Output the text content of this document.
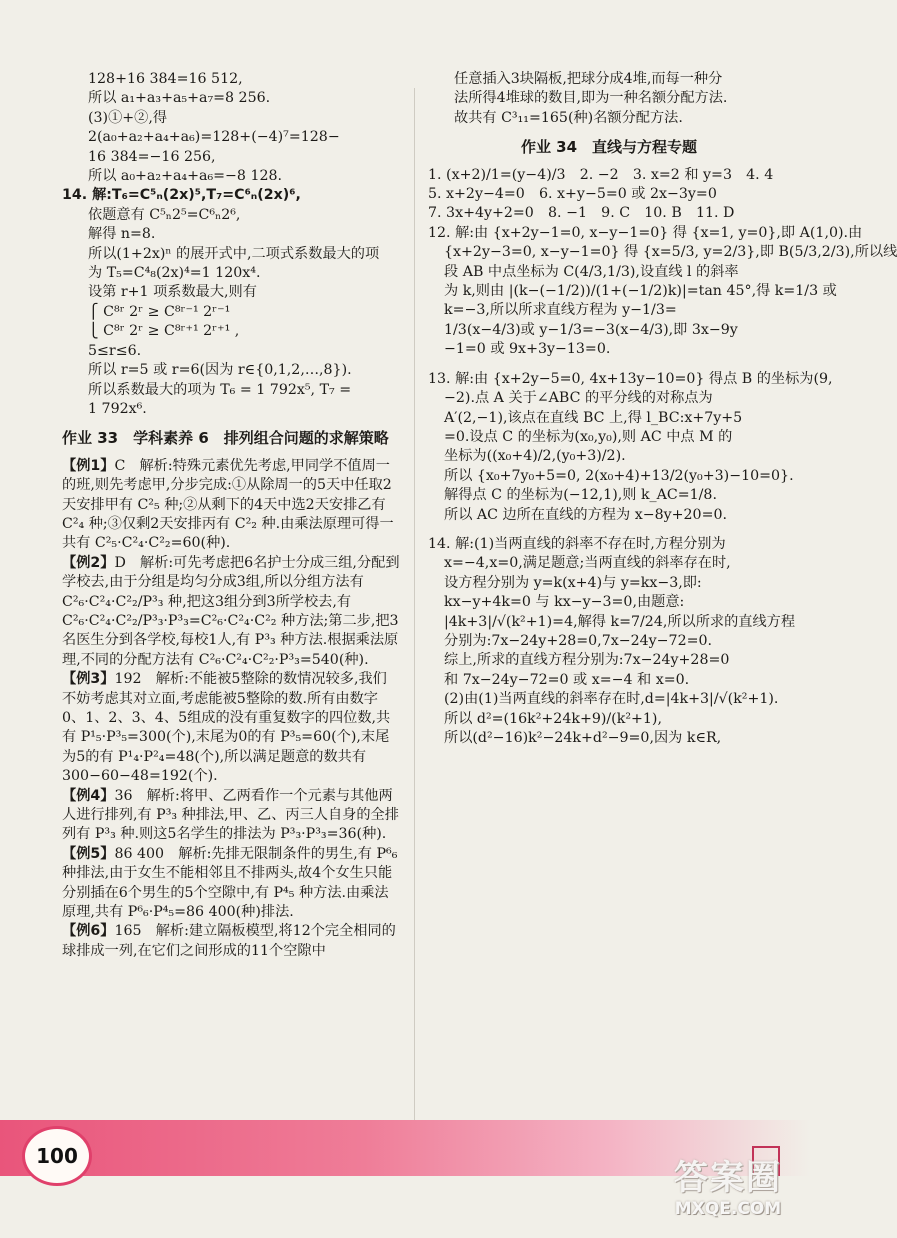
128+16 384=16 512,
所以 a₁+a₃+a₅+a₇=8 256.
(3)①+②,得
2(a₀+a₂+a₄+a₆)=128+(−4)⁷=128−
16 384=−16 256,
所以 a₀+a₂+a₄+a₆=−8 128.
14. 解:T₆=C⁵ₙ(2x)⁵,T₇=C⁶ₙ(2x)⁶,
依题意有 C⁵ₙ2⁵=C⁶ₙ2⁶,
解得 n=8.
所以(1+2x)ⁿ 的展开式中,二项式系数最大的项
为 T₅=C⁴₈(2x)⁴=1 120x⁴.
设第 r+1 项系数最大,则有
⎧ C⁸ʳ 2ʳ ≥ C⁸ʳ⁻¹ 2ʳ⁻¹
⎩ C⁸ʳ 2ʳ ≥ C⁸ʳ⁺¹ 2ʳ⁺¹ ,
5≤r≤6.
所以 r=5 或 r=6(因为 r∈{0,1,2,…,8}).
所以系数最大的项为 T₆ = 1 792x⁵, T₇ =
1 792x⁶.
作业 33　学科素养 6　排列组合问题的求解策略
【例1】C　解析:特殊元素优先考虑,甲同学不值周一的班,则先考虑甲,分步完成:①从除周一的5天中任取2天安排甲有 C²₅ 种;②从剩下的4天中选2天安排乙有 C²₄ 种;③仅剩2天安排丙有 C²₂ 种.由乘法原理可得一共有 C²₅·C²₄·C²₂=60(种).
【例2】D　解析:可先考虑把6名护士分成三组,分配到学校去,由于分组是均匀分成3组,所以分组方法有 C²₆·C²₄·C²₂/P³₃ 种,把这3组分到3所学校去,有 C²₆·C²₄·C²₂/P³₃·P³₃=C²₆·C²₄·C²₂ 种方法;第二步,把3名医生分到各学校,每校1人,有 P³₃ 种方法.根据乘法原理,不同的分配方法有 C²₆·C²₄·C²₂·P³₃=540(种).
【例3】192　解析:不能被5整除的数情况较多,我们不妨考虑其对立面,考虑能被5整除的数.所有由数字0、1、2、3、4、5组成的没有重复数字的四位数,共有 P¹₅·P³₅=300(个),末尾为0的有 P³₅=60(个),末尾为5的有 P¹₄·P²₄=48(个),所以满足题意的数共有 300−60−48=192(个).
【例4】36　解析:将甲、乙两看作一个元素与其他两人进行排列,有 P³₃ 种排法,甲、乙、丙三人自身的全排列有 P³₃ 种.则这5名学生的排法为 P³₃·P³₃=36(种).
【例5】86 400　解析:先排无限制条件的男生,有 P⁶₆ 种排法,由于女生不能相邻且不排两头,故4个女生只能分别插在6个男生的5个空隙中,有 P⁴₅ 种方法.由乘法原理,共有 P⁶₆·P⁴₅=86 400(种)排法.
【例6】165　解析:建立隔板模型,将12个完全相同的球排成一列,在它们之间形成的11个空隙中
任意插入3块隔板,把球分成4堆,而每一种分
法所得4堆球的数目,即为一种名额分配方法.
故共有 C³₁₁=165(种)名额分配方法.
作业 34　直线与方程专题
1. (x+2)/1=(y−4)/3　2. −2　3. x=2 和 y=3　4. 4
5. x+2y−4=0　6. x+y−5=0 或 2x−3y=0
7. 3x+4y+2=0　8. −1　9. C　10. B　11. D
12. 解:由 {x+2y−1=0, x−y−1=0} 得 {x=1, y=0},即 A(1,0).由
{x+2y−3=0, x−y−1=0} 得 {x=5/3, y=2/3},即 B(5/3,2/3),所以线
段 AB 中点坐标为 C(4/3,1/3),设直线 l 的斜率
为 k,则由 |(k−(−1/2))/(1+(−1/2)k)|=tan 45°,得 k=1/3 或
k=−3,所以所求直线方程为 y−1/3=
1/3(x−4/3)或 y−1/3=−3(x−4/3),即 3x−9y
−1=0 或 9x+3y−13=0.
13. 解:由 {x+2y−5=0, 4x+13y−10=0} 得点 B 的坐标为(9,
−2).点 A 关于∠ABC 的平分线的对称点为
A′(2,−1),该点在直线 BC 上,得 l_BC:x+7y+5
=0.设点 C 的坐标为(x₀,y₀),则 AC 中点 M 的
坐标为((x₀+4)/2,(y₀+3)/2).
所以 {x₀+7y₀+5=0, 2(x₀+4)+13/2(y₀+3)−10=0}.
解得点 C 的坐标为(−12,1),则 k_AC=1/8.
所以 AC 边所在直线的方程为 x−8y+20=0.
14. 解:(1)当两直线的斜率不存在时,方程分别为
x=−4,x=0,满足题意;当两直线的斜率存在时,
设方程分别为 y=k(x+4)与 y=kx−3,即:
kx−y+4k=0 与 kx−y−3=0,由题意:
|4k+3|/√(k²+1)=4,解得 k=7/24,所以所求的直线方程
分别为:7x−24y+28=0,7x−24y−72=0.
综上,所求的直线方程分别为:7x−24y+28=0
和 7x−24y−72=0 或 x=−4 和 x=0.
(2)由(1)当两直线的斜率存在时,d=|4k+3|/√(k²+1).
所以 d²=(16k²+24k+9)/(k²+1),
所以(d²−16)k²−24k+d²−9=0,因为 k∈R,
100
答案圈
MXQE.COM
